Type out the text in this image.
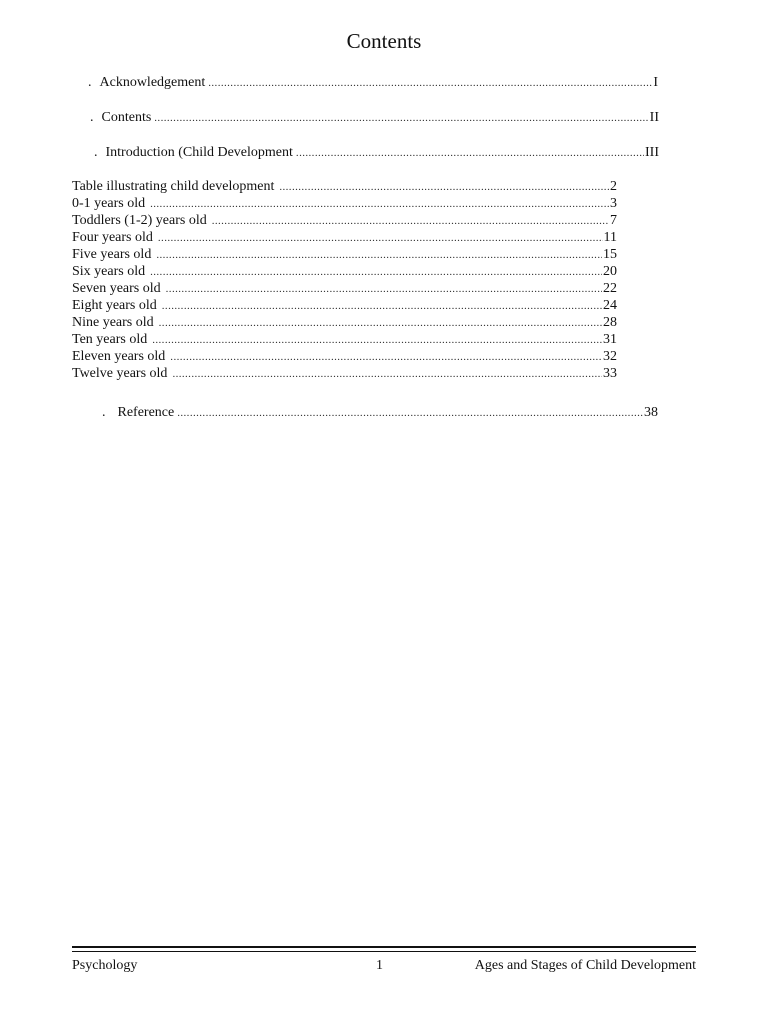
Contents
. Acknowledgement .....	I
. Contents .....	II
. Introduction (Child Development .....	III
Table illustrating child development .....	2
0-1 years old .....	3
Toddlers (1-2) years old .....	7
Four years old .....	11
Five years old .....	15
Six years old .....	20
Seven years old .....	22
Eight years old .....	24
Nine years old .....	28
Ten years old .....	31
Eleven years old .....	32
Twelve years old .....	33
. Reference .....	38
Psychology	1	Ages and Stages of Child Development
